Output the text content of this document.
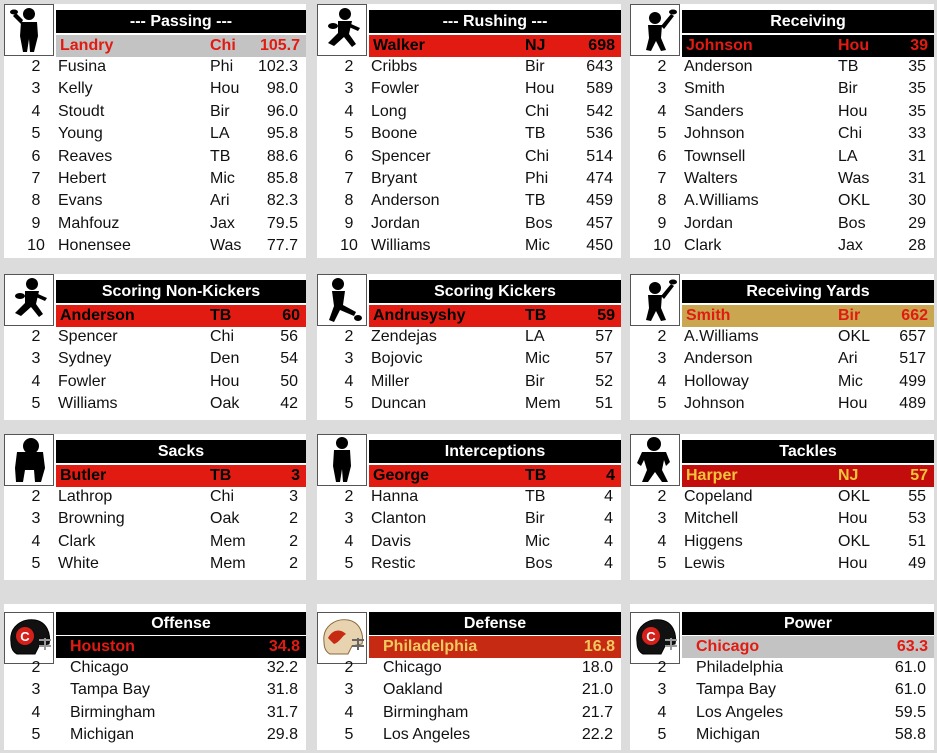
--- Passing ---
Landry	Chi 105.7
2	Fusina	Phi 102.3
3	Kelly	Hou 98.0
4	Stoudt	Bir 96.0
5	Young	LA 95.8
6	Reaves	TB 88.6
7	Hebert	Mic 85.8
8	Evans	Ari 82.3
9	Mahfouz	Jax 79.5
10 Honensee	Was 77.7
--- Rushing ---
Walker	NJ	698
2	Cribbs	Bir	643
3	Fowler	Hou 589
4	Long	Chi 542
5	Boone	TB	536
6	Spencer	Chi 514
7	Bryant	Phi 474
8	Anderson	TB	459
9	Jordan	Bos 457
10 Williams	Mic 450
Receiving
Johnson	Hou	39
2	Anderson	TB	35
3	Smith	Bir	35
4	Sanders	Hou	35
5	Johnson	Chi	33
6	Townsell	LA	31
7	Walters	Was 31
8	A.Williams	OKL 30
9	Jordan	Bos	29
10 Clark	Jax	28
Scoring Non-Kickers
Anderson	TB	60
2	Spencer	Chi	56
3	Sydney	Den	54
4	Fowler	Hou	50
5	Williams	Oak	42
Scoring Kickers
Andrusyshy	TB	59
2	Zendejas	LA	57
3	Bojovic	Mic	57
4	Miller	Bir	52
5	Duncan	Mem 51
Receiving Yards
Smith	Bir	662
2	A.Williams	OKL 657
3	Anderson	Ari	517
4	Holloway	Mic 499
5	Johnson	Hou 489
Sacks
Butler	TB	3
2	Lathrop	Chi	3
3	Browning	Oak	2
4	Clark	Mem	2
5	White	Mem	2
Interceptions
George	TB	4
2	Hanna	TB	4
3	Clanton	Bir	4
4	Davis	Mic	4
5	Restic	Bos	4
Tackles
Harper	NJ	57
2	Copeland	OKL 55
3	Mitchell	Hou	53
4	Higgens	OKL 51
5	Lewis	Hou	49
Offense
C
Houston	34.8
2	Chicago	32.2
3	Tampa Bay	31.8
4	Birmingham	31.7
5	Michigan	29.8
Defense
Philadelphia	16.8
2	Chicago	18.0
3	Oakland	21.0
4	Birmingham	21.7
5	Los Angeles	22.2
Power
C
Chicago	63.3
2	Philadelphia	61.0
3	Tampa Bay	61.0
4	Los Angeles	59.5
5	Michigan	58.8
